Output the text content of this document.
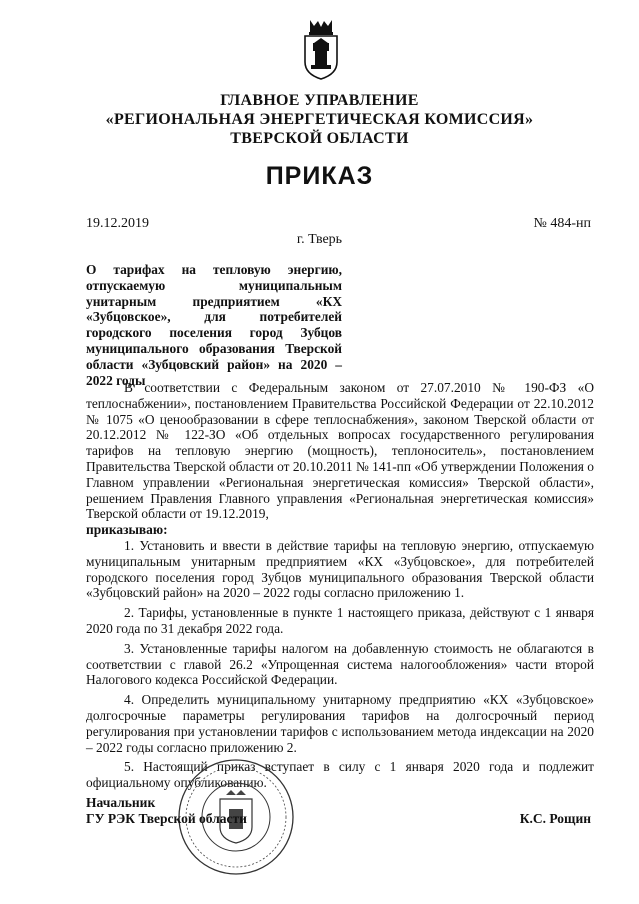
ГЛАВНОЕ УПРАВЛЕНИЕ
«РЕГИОНАЛЬНАЯ ЭНЕРГЕТИЧЕСКАЯ КОМИССИЯ»
ТВЕРСКОЙ ОБЛАСТИ
ПРИКАЗ
19.12.2019	№ 484-нп
г. Тверь

О тарифах на тепловую энергию, отпускаемую муниципальным унитарным предприятием «КХ «Зубцовское», для потребителей городского поселения город Зубцов муниципального образования Тверской области «Зубцовский район» на 2020 – 2022 годы

В соответствии с Федеральным законом от 27.07.2010 № 190-ФЗ «О теплоснабжении», постановлением Правительства Российской Федерации от 22.10.2012 № 1075 «О ценообразовании в сфере теплоснабжения», законом Тверской области от 20.12.2012 № 122-ЗО «Об отдельных вопросах государственного регулирования тарифов на тепловую энергию (мощность), теплоноситель», постановлением Правительства Тверской области от 20.10.2011 № 141-пп «Об утверждении Положения о Главном управлении «Региональная энергетическая комиссия» Тверской области», решением Правления Главного управления «Региональная энергетическая комиссия» Тверской области от 19.12.2019,

приказываю:

1. Установить и ввести в действие тарифы на тепловую энергию, отпускаемую муниципальным унитарным предприятием «КХ «Зубцовское», для потребителей городского поселения город Зубцов муниципального образования Тверской области «Зубцовский район» на 2020 – 2022 годы согласно приложению 1.

2. Тарифы, установленные в пункте 1 настоящего приказа, действуют с 1 января 2020 года по 31 декабря 2022 года.

3. Установленные тарифы налогом на добавленную стоимость не облагаются в соответствии с главой 26.2 «Упрощенная система налогообложения» части второй Налогового кодекса Российской Федерации.

4. Определить муниципальному унитарному предприятию «КХ «Зубцовское» долгосрочные параметры регулирования тарифов на долгосрочный период регулирования при установлении тарифов с использованием метода индексации на 2020 – 2022 годы согласно приложению 2.

5. Настоящий приказ вступает в силу с 1 января 2020 года и подлежит официальному опубликованию.

Начальник
ГУ РЭК Тверской области	К.С. Рощин
